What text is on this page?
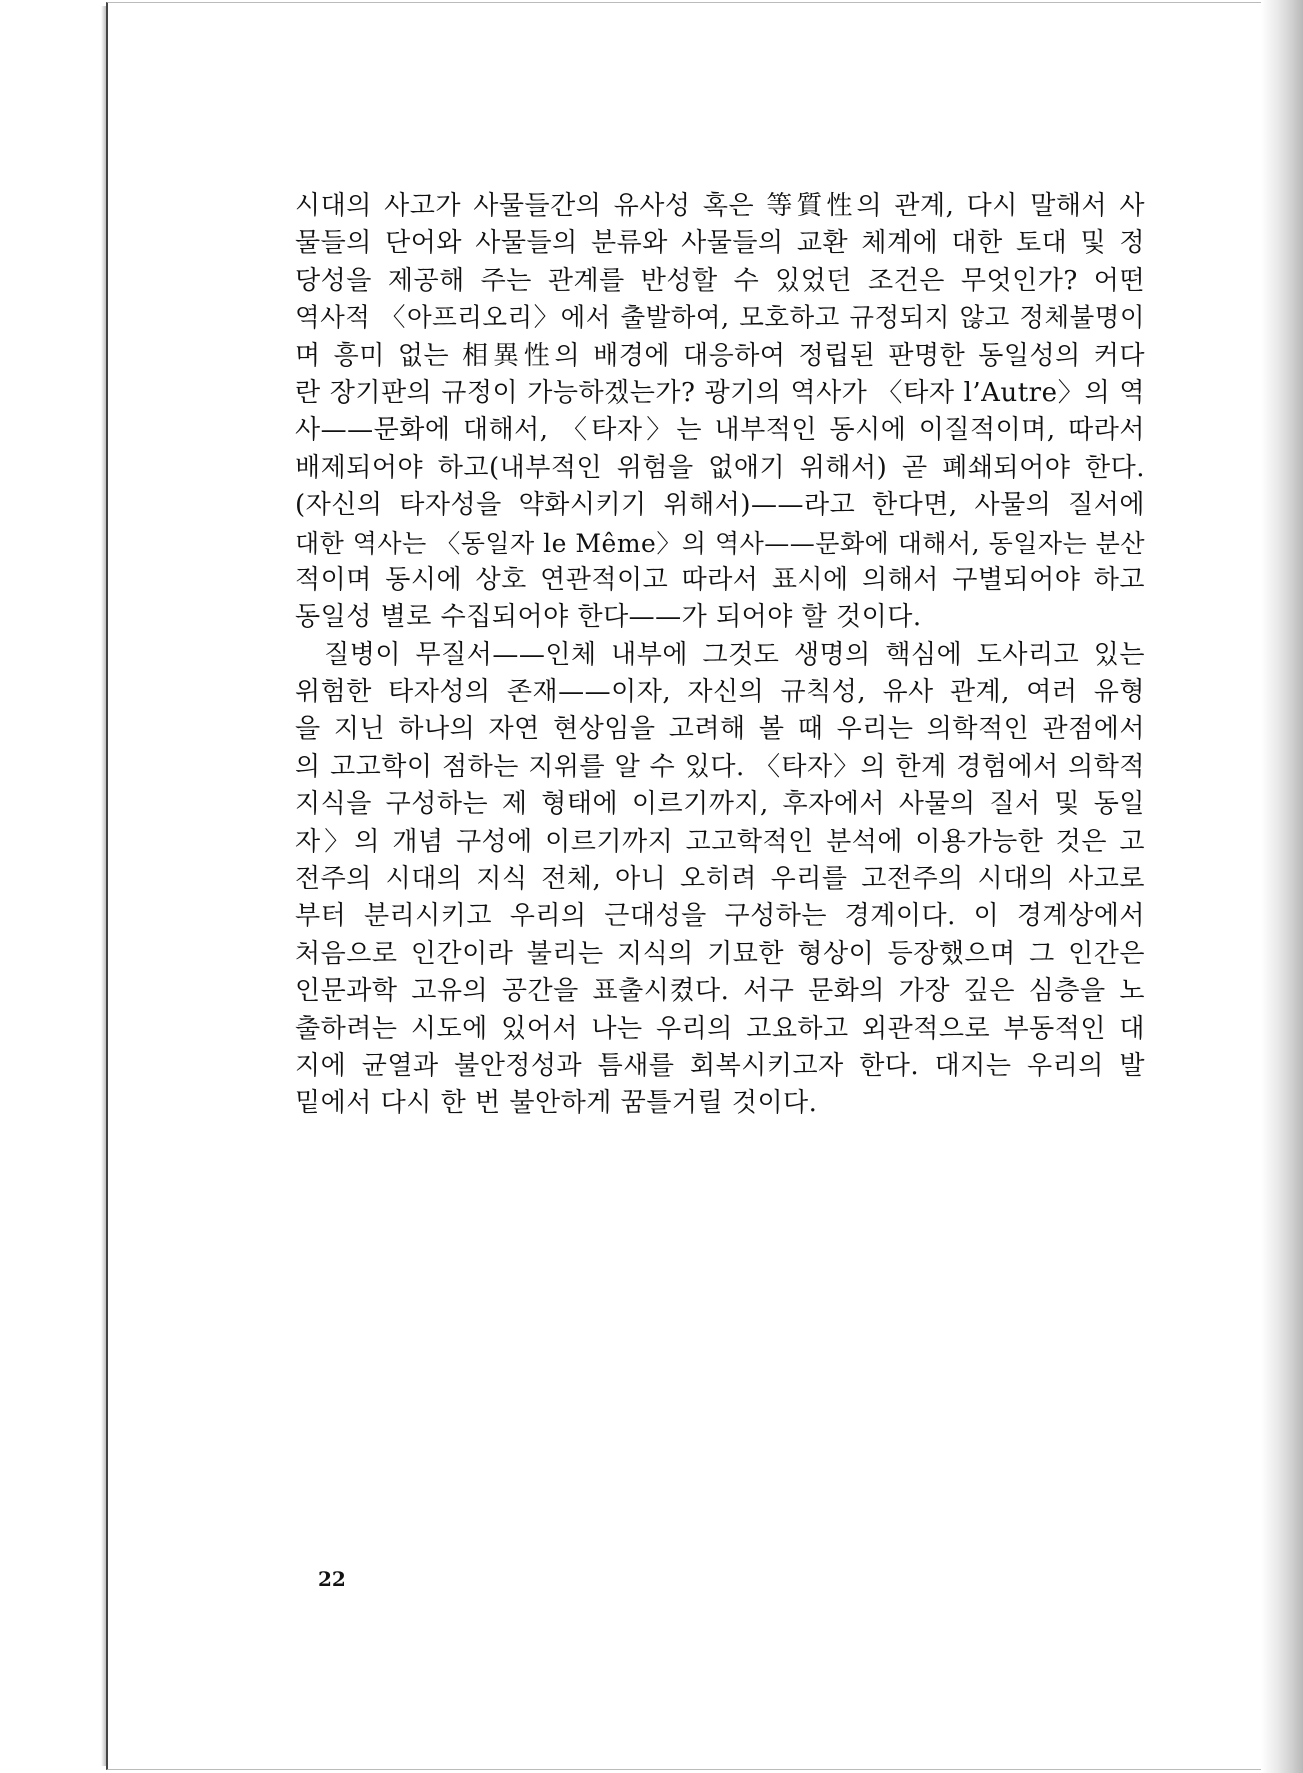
시대의 사고가 사물들간의 유사성 혹은 等質性의 관계, 다시 말해서 사
물들의 단어와 사물들의 분류와 사물들의 교환 체계에 대한 토대 및 정
당성을 제공해 주는 관계를 반성할 수 있었던 조건은 무엇인가? 어떤
역사적 〈아프리오리〉에서 출발하여, 모호하고 규정되지 않고 정체불명이
며 흥미 없는 相異性의 배경에 대응하여 정립된 판명한 동일성의 커다
란 장기판의 규정이 가능하겠는가? 광기의 역사가 〈타자 l’Autre〉의 역
사——문화에 대해서, 〈타자〉는 내부적인 동시에 이질적이며, 따라서
배제되어야 하고(내부적인 위험을 없애기 위해서) 곧 폐쇄되어야 한다.
(자신의 타자성을 약화시키기 위해서)——라고 한다면, 사물의 질서에
대한 역사는 〈동일자 le Même〉의 역사——문화에 대해서, 동일자는 분산
적이며 동시에 상호 연관적이고 따라서 표시에 의해서 구별되어야 하고
동일성 별로 수집되어야 한다——가 되어야 할 것이다.
질병이 무질서——인체 내부에 그것도 생명의 핵심에 도사리고 있는
위험한 타자성의 존재——이자, 자신의 규칙성, 유사 관계, 여러 유형
을 지닌 하나의 자연 현상임을 고려해 볼 때 우리는 의학적인 관점에서
의 고고학이 점하는 지위를 알 수 있다. 〈타자〉의 한계 경험에서 의학적
지식을 구성하는 제 형태에 이르기까지, 후자에서 사물의 질서 및 동일
자〉의 개념 구성에 이르기까지 고고학적인 분석에 이용가능한 것은 고
전주의 시대의 지식 전체, 아니 오히려 우리를 고전주의 시대의 사고로
부터 분리시키고 우리의 근대성을 구성하는 경계이다. 이 경계상에서
처음으로 인간이라 불리는 지식의 기묘한 형상이 등장했으며 그 인간은
인문과학 고유의 공간을 표출시켰다. 서구 문화의 가장 깊은 심층을 노
출하려는 시도에 있어서 나는 우리의 고요하고 외관적으로 부동적인 대
지에 균열과 불안정성과 틈새를 회복시키고자 한다. 대지는 우리의 발
밑에서 다시 한 번 불안하게 꿈틀거릴 것이다.
22
